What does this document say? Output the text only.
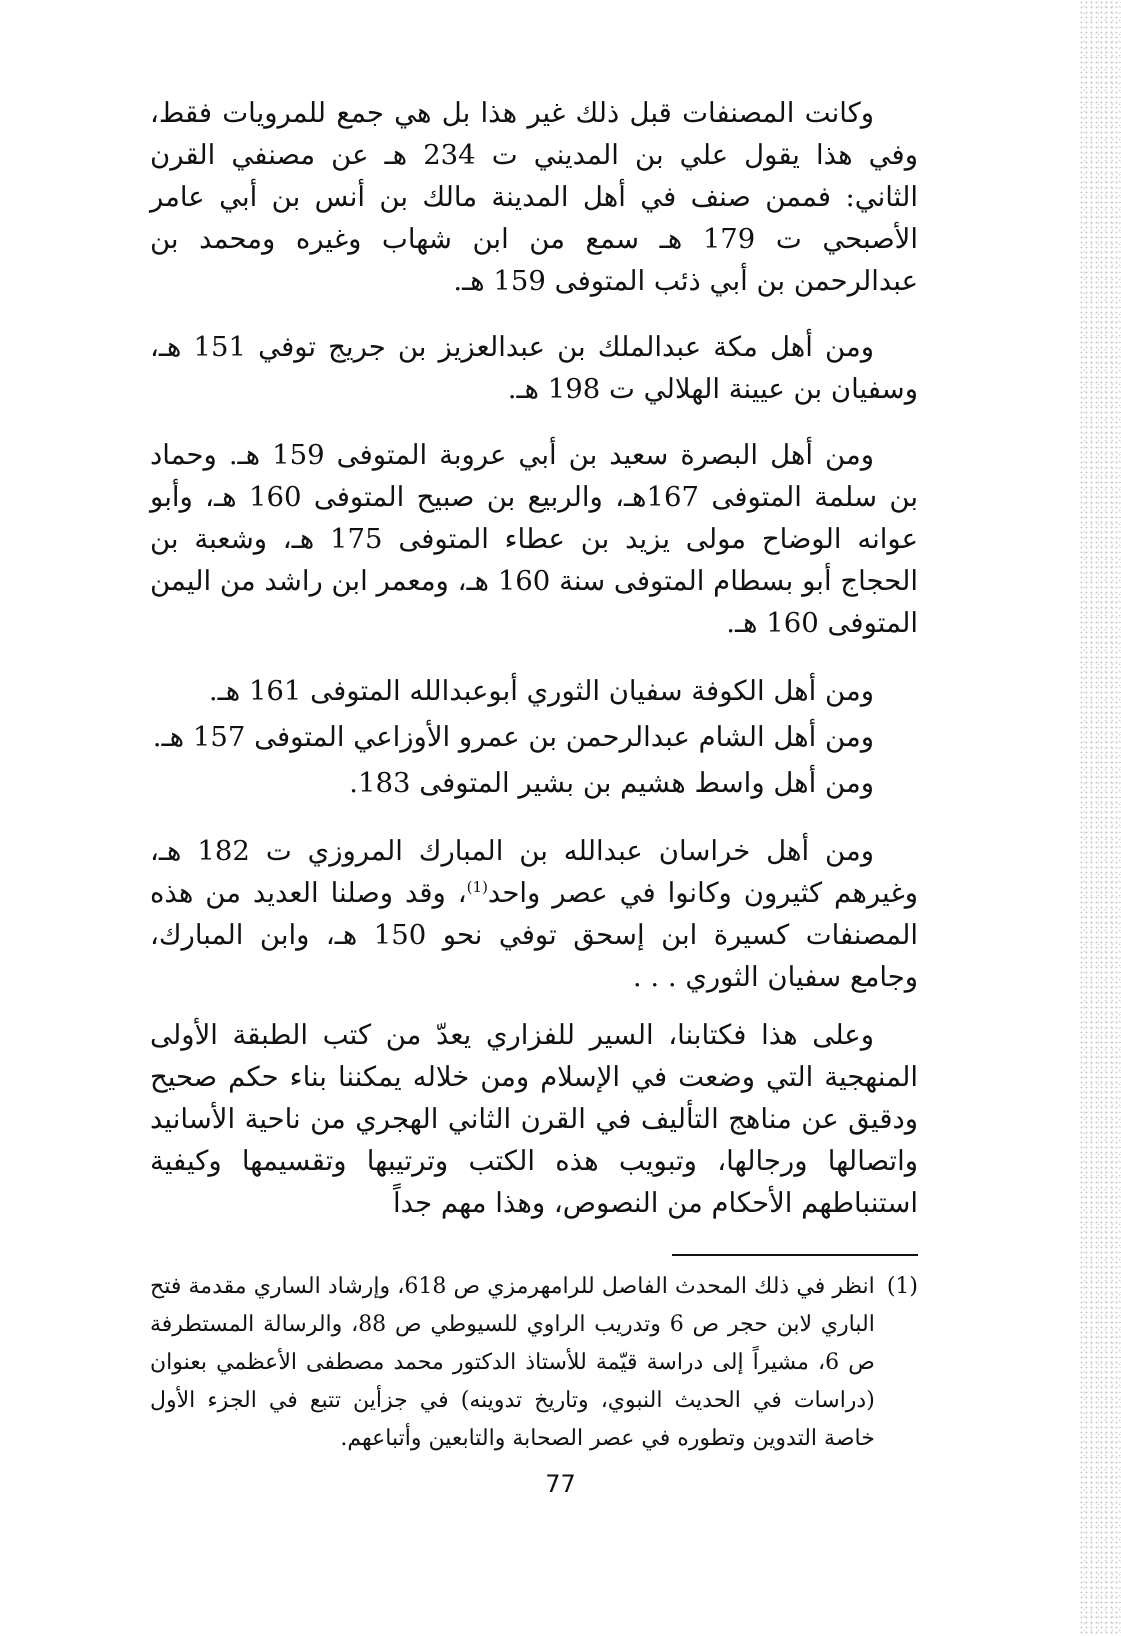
وكانت المصنفات قبل ذلك غير هذا بل هي جمع للمرويات فقط، وفي هذا يقول علي بن المديني ت 234 هـ عن مصنفي القرن الثاني: فممن صنف في أهل المدينة مالك بن أنس بن أبي عامر الأصبحي ت 179 هـ سمع من ابن شهاب وغيره ومحمد بن عبدالرحمن بن أبي ذئب المتوفى 159 هـ.

ومن أهل مكة عبدالملك بن عبدالعزيز بن جريج توفي 151 هـ، وسفيان بن عيينة الهلالي ت 198 هـ.

ومن أهل البصرة سعيد بن أبي عروبة المتوفى 159 هـ. وحماد بن سلمة المتوفى 167هـ، والربيع بن صبيح المتوفى 160 هـ، وأبو عوانه الوضاح مولى يزيد بن عطاء المتوفى 175 هـ، وشعبة بن الحجاج أبو بسطام المتوفى سنة 160 هـ، ومعمر ابن راشد من اليمن المتوفى 160 هـ.

ومن أهل الكوفة سفيان الثوري أبوعبدالله المتوفى 161 هـ.

ومن أهل الشام عبدالرحمن بن عمرو الأوزاعي المتوفى 157 هـ.

ومن أهل واسط هشيم بن بشير المتوفى 183.

ومن أهل خراسان عبدالله بن المبارك المروزي ت 182 هـ، وغيرهم كثيرون وكانوا في عصر واحد$^{(1)}$، وقد وصلنا العديد من هذه المصنفات كسيرة ابن إسحق توفي نحو 150 هـ، وابن المبارك، وجامع سفيان الثوري . . .

وعلى هذا فكتابنا، السير للفزاري يعدّ من كتب الطبقة الأولى المنهجية التي وضعت في الإسلام ومن خلاله يمكننا بناء حكم صحيح ودقيق عن مناهج التأليف في القرن الثاني الهجري من ناحية الأسانيد واتصالها ورجالها، وتبويب هذه الكتب وترتيبها وتقسيمها وكيفية استنباطهم الأحكام من النصوص، وهذا مهم جداً

(1)
انظر في ذلك المحدث الفاصل للرامهرمزي ص 618، وإرشاد الساري مقدمة فتح الباري لابن حجر ص 6 وتدريب الراوي للسيوطي ص 88، والرسالة المستطرفة ص 6، مشيراً إلى دراسة قيّمة للأستاذ الدكتور محمد مصطفى الأعظمي بعنوان (دراسات في الحديث النبوي، وتاريخ تدوينه) في جزأين تتبع في الجزء الأول خاصة التدوين وتطوره في عصر الصحابة والتابعين وأتباعهم.
77
